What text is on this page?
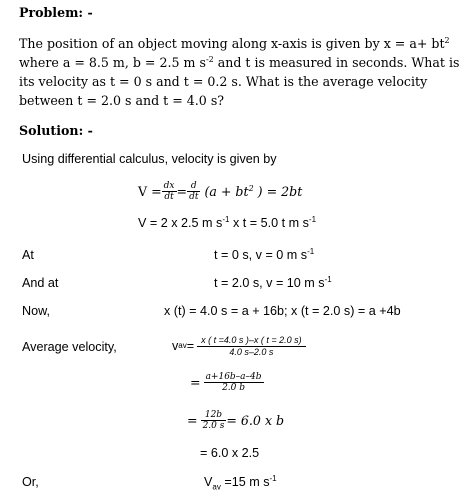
Problem: -
The position of an object moving along x-axis is given by $x = a+ bt^2$
where a = 8.5 m, b = 2.5 m $s^{-2}$ and t is measured in seconds. What is
its velocity as t = 0 s and t = 0.2 s. What is the average velocity
between t = 2.0 s and t = 4.0 s?
Solution: -
Using differential calculus, velocity is given by
$V = \frac{dx}{dt} = \frac{d}{dt} (a + bt^2$ ) = 2bt
V = 2 x 2.5 m $s^{-1}$ x t = 5.0 t m $s^{-1}$
At	t = 0 s, v = 0 m $s^{-1}$
And at	t = 2.0 s, v = 10 m $s^{-1}$
Now,	x (t) = 4.0 s = a + 16b; x (t = 2.0 s) = a +4b
Average velocity,	v av = $\frac{x ( t =4.0 s )-x ( t = 2.0 s)}{4.0 s-2.0 s}$
= $\frac{a+16b-a-4b}{2.0 b}$
= $\frac{12b}{2.0 s} = 6.0$ x b
= 6.0 x 2.5
Or,	$V_{av} =15$ m $s^{-1}$
